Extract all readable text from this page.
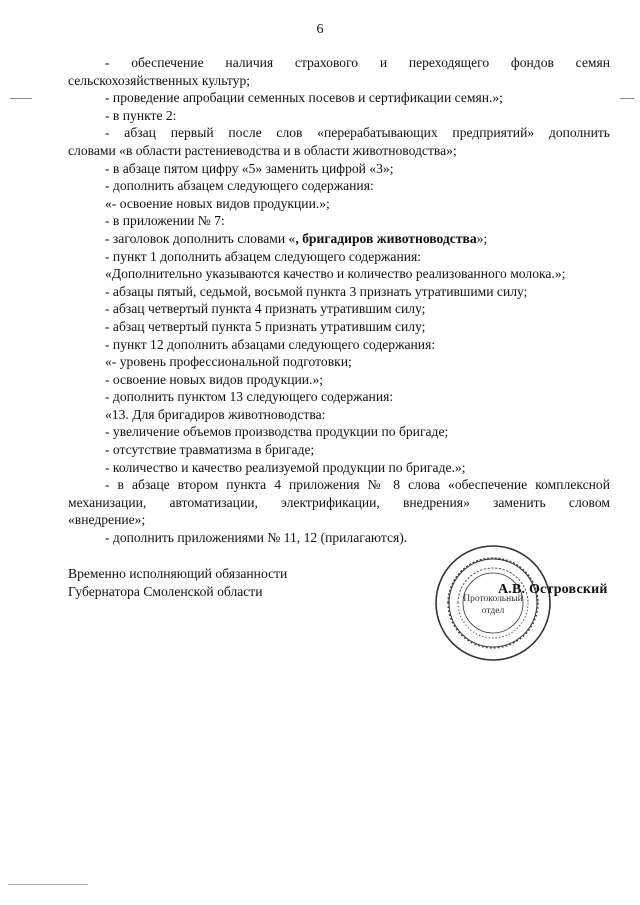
6

- обеспечение наличия страхового и переходящего фондов семян

сельскохозяйственных культур;

- проведение апробации семенных посевов и сертификации семян.»;

- в пункте 2:

- абзац первый после слов «перерабатывающих предприятий» дополнить

словами «в области растениеводства и в области животноводства»;

- в абзаце пятом цифру «5» заменить цифрой «3»;

- дополнить абзацем следующего содержания:

«- освоение новых видов продукции.»;

- в приложении № 7:

- заголовок дополнить словами «, бригадиров животноводства»;

- пункт 1 дополнить абзацем следующего содержания:

«Дополнительно указываются качество и количество реализованного молока.»;

- абзацы пятый, седьмой, восьмой пункта 3 признать утратившими силу;

- абзац четвертый пункта 4 признать утратившим силу;

- абзац четвертый пункта 5 признать утратившим силу;

- пункт 12 дополнить абзацами следующего содержания:

«- уровень профессиональной подготовки;

- освоение новых видов продукции.»;

- дополнить пунктом 13 следующего содержания:

«13. Для бригадиров животноводства:

- увеличение объемов производства продукции по бригаде;

- отсутствие травматизма в бригаде;

- количество и качество реализуемой продукции по бригаде.»;

- в абзаце втором пункта 4 приложения № 8 слова «обеспечение комплексной

механизации, автоматизации, электрификации, внедрения» заменить словом

«внедрение»;

- дополнить приложениями № 11, 12 (прилагаются).

Временно исполняющий обязанности
Губернатора Смоленской области
Протокольный
отдел
А.В. Островский
